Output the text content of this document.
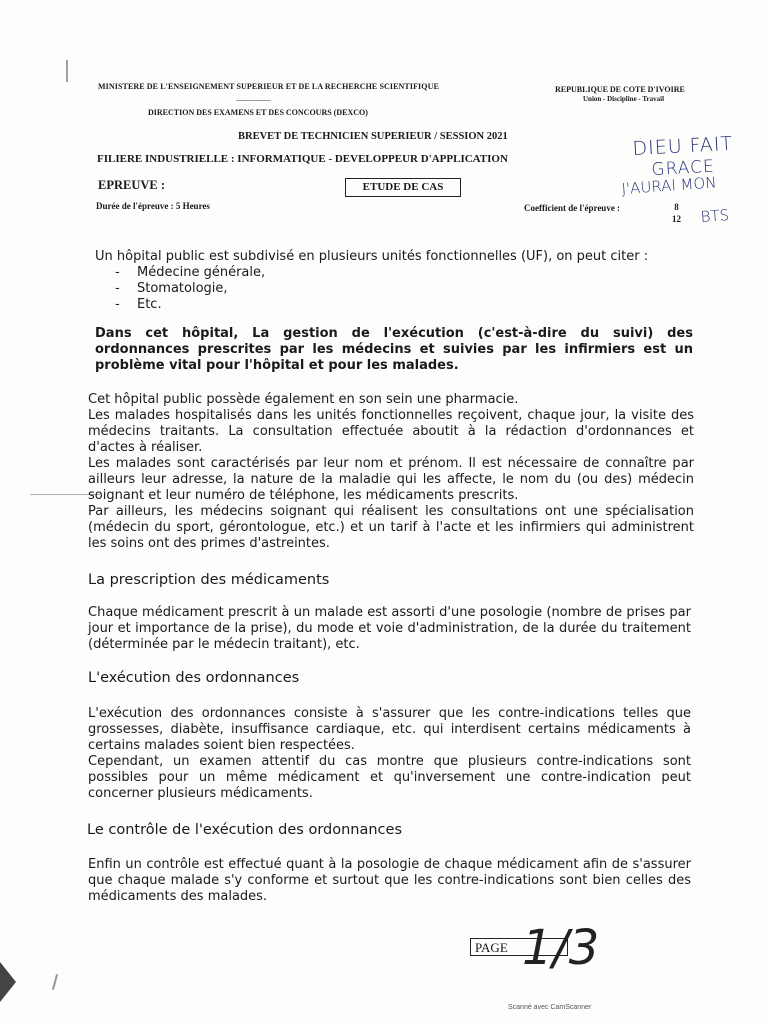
MINISTERE DE L'ENSEIGNEMENT SUPERIEUR ET DE LA RECHERCHE SCIENTIFIQUE
-----------------------
DIRECTION DES EXAMENS ET DES CONCOURS (DEXCO)
REPUBLIQUE DE COTE D'IVOIRE
Union - Discipline - Travail
BREVET DE TECHNICIEN SUPERIEUR / SESSION 2021
FILIERE INDUSTRIELLE : INFORMATIQUE - DEVELOPPEUR D'APPLICATION
EPREUVE :	ETUDE DE CAS
Durée de l'épreuve : 5 Heures	Coefficient de l'épreuve :	8
12
DIEU FAIT
GRACE
J'AURAI MON
BTS
Un hôpital public est subdivisé en plusieurs unités fonctionnelles (UF), on peut citer :
- Médecine générale,
- Stomatologie,
- Etc.
Dans cet hôpital, La gestion de l'exécution (c'est-à-dire du suivi) des ordonnances prescrites par les médecins et suivies par les infirmiers est un problème vital pour l'hôpital et pour les malades.
Cet hôpital public possède également en son sein une pharmacie.
Les malades hospitalisés dans les unités fonctionnelles reçoivent, chaque jour, la visite des médecins traitants. La consultation effectuée aboutit à la rédaction d'ordonnances et d'actes à réaliser.
Les malades sont caractérisés par leur nom et prénom. Il est nécessaire de connaître par ailleurs leur adresse, la nature de la maladie qui les affecte, le nom du (ou des) médecin soignant et leur numéro de téléphone, les médicaments prescrits.
Par ailleurs, les médecins soignant qui réalisent les consultations ont une spécialisation (médecin du sport, gérontologue, etc.) et un tarif à l'acte et les infirmiers qui administrent les soins ont des primes d'astreintes.
La prescription des médicaments
Chaque médicament prescrit à un malade est assorti d'une posologie (nombre de prises par jour et importance de la prise), du mode et voie d'administration, de la durée du traitement (déterminée par le médecin traitant), etc.
L'exécution des ordonnances
L'exécution des ordonnances consiste à s'assurer que les contre-indications telles que grossesses, diabète, insuffisance cardiaque, etc. qui interdisent certains médicaments à certains malades soient bien respectées.
Cependant, un examen attentif du cas montre que plusieurs contre-indications sont possibles pour un même médicament et qu'inversement une contre-indication peut concerner plusieurs médicaments.
Le contrôle de l'exécution des ordonnances
Enfin un contrôle est effectué quant à la posologie de chaque médicament afin de s'assurer que chaque malade s'y conforme et surtout que les contre-indications sont bien celles des médicaments des malades.
PAGE 1/3
Scanné avec CamScanner
